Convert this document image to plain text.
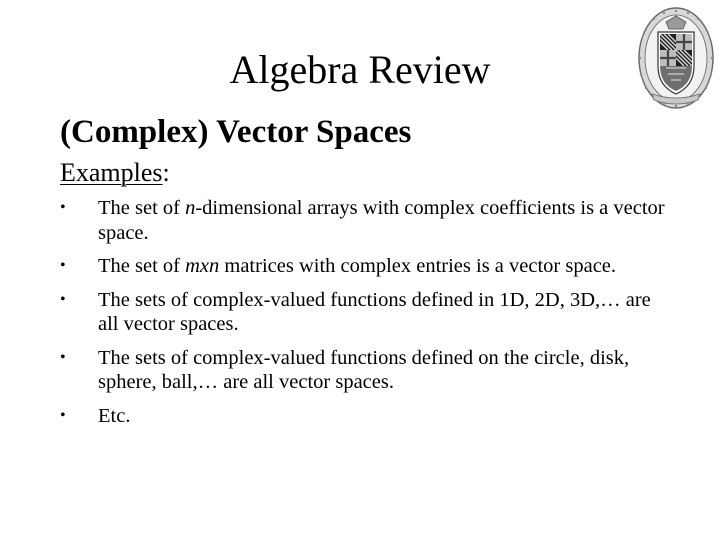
Algebra Review
(Complex) Vector Spaces
Examples:
•	The set of n-dimensional arrays with complex coefficients is a vector space.
•	The set of mxn matrices with complex entries is a vector space.
•	The sets of complex-valued functions defined in 1D, 2D, 3D,… are all vector spaces.
•	The sets of complex-valued functions defined on the circle, disk, sphere, ball,… are all vector spaces.
•	Etc.
